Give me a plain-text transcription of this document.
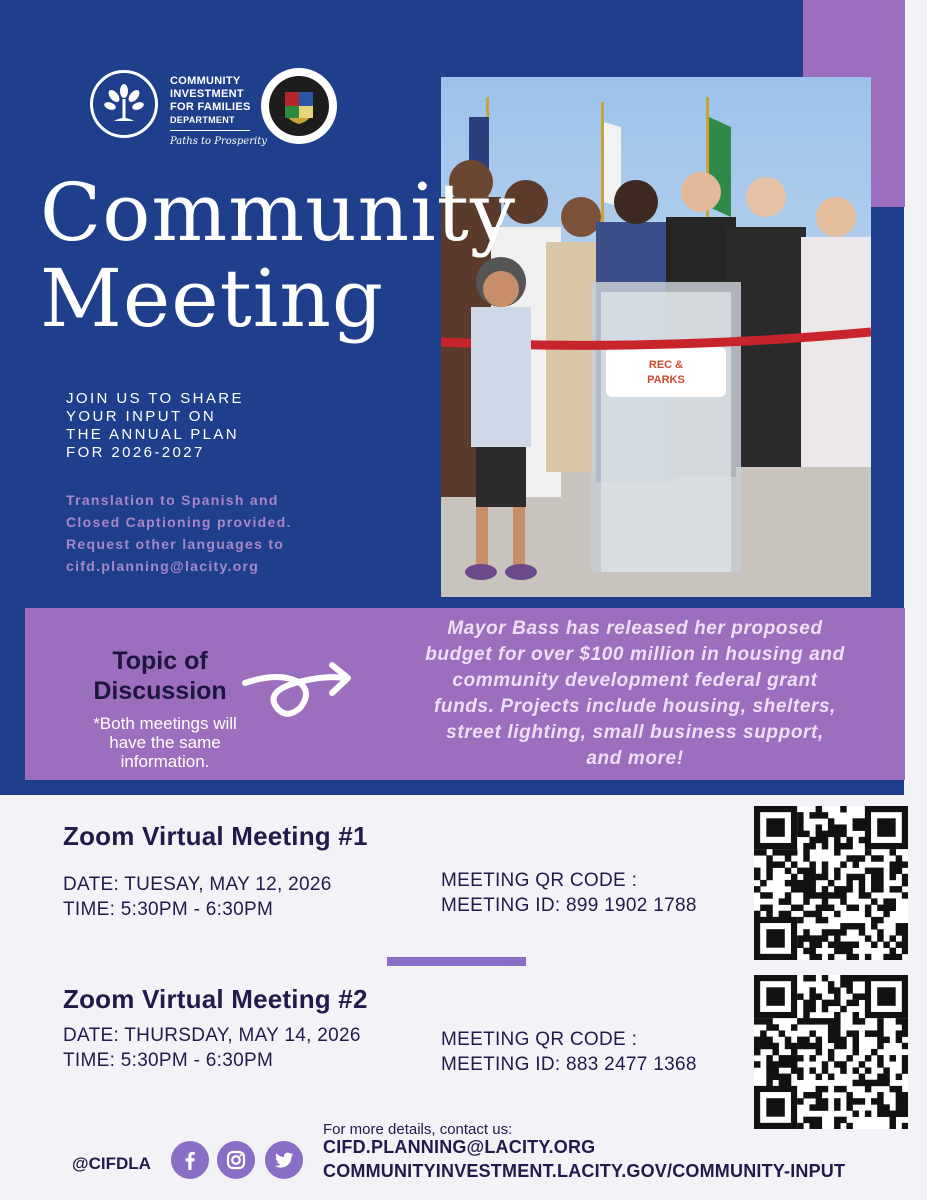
COMMUNITY
INVESTMENT
FOR FAMILIES
DEPARTMENT
Paths to Prosperity
REC &
PARKS
Community
Meeting
JOIN US TO SHARE
YOUR INPUT ON
THE ANNUAL PLAN
FOR 2026-2027
Translation to Spanish and
Closed Captioning provided.
Request other languages to
cifd.planning@lacity.org
Topic of
Discussion
*Both meetings will
have the same
information.
Mayor Bass has released her proposed
budget for over $100 million in housing and
community development federal grant
funds. Projects include housing, shelters,
street lighting, small business support,
and more!
Zoom Virtual Meeting #1
DATE: TUESAY, MAY 12, 2026
TIME: 5:30PM - 6:30PM
MEETING QR CODE :
MEETING ID: 899 1902 1788
Zoom Virtual Meeting #2
DATE: THURSDAY, MAY 14, 2026
TIME: 5:30PM - 6:30PM
MEETING QR CODE :
MEETING ID: 883 2477 1368
For more details, contact us:
CIFD.PLANNING@LACITY.ORG
COMMUNITYINVESTMENT.LACITY.GOV/COMMUNITY-INPUT
@CIFDLA
